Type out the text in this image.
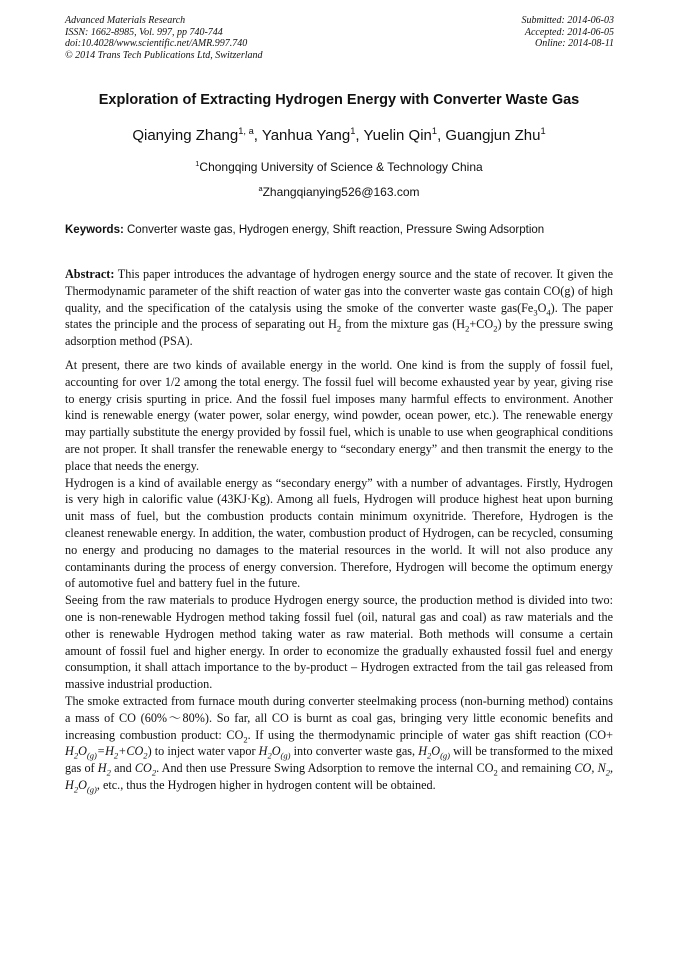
Advanced Materials Research
ISSN: 1662-8985, Vol. 997, pp 740-744
doi:10.4028/www.scientific.net/AMR.997.740
© 2014 Trans Tech Publications Ltd, Switzerland
Submitted: 2014-06-03
Accepted: 2014-06-05
Online: 2014-08-11
Exploration of Extracting Hydrogen Energy with Converter Waste Gas
Qianying Zhang$^{1, a}$, Yanhua Yang$^1$, Yuelin Qin$^1$, Guangjun Zhu$^1$
$^1$Chongqing University of Science & Technology China
$^a$Zhangqianying526@163.com
Keywords: Converter waste gas, Hydrogen energy, Shift reaction, Pressure Swing Adsorption

Abstract: This paper introduces the advantage of hydrogen energy source and the state of recover. It given the Thermodynamic parameter of the shift reaction of water gas into the converter waste gas contain CO(g) of high quality, and the specification of the catalysis using the smoke of the converter waste $gas(Fe_3O_4)$. The paper states the principle and the process of separating out $H_2$ from the mixture gas $(H_2+CO_2)$ by the pressure swing adsorption method (PSA).

At present, there are two kinds of available energy in the world. One kind is from the supply of fossil fuel, accounting for over 1/2 among the total energy. The fossil fuel will become exhausted year by year, giving rise to energy crisis spurting in price. And the fossil fuel imposes many harmful effects to environment. Another kind is renewable energy (water power, solar energy, wind powder, ocean power, etc.). The renewable energy may partially substitute the energy provided by fossil fuel, which is unable to use when geographical conditions are not proper. It shall transfer the renewable energy to “secondary energy” and then transmit the energy to the place that needs the energy.

Hydrogen is a kind of available energy as “secondary energy” with a number of advantages. Firstly, Hydrogen is very high in calorific value (43KJ·Kg). Among all fuels, Hydrogen will produce highest heat upon burning unit mass of fuel, but the combustion products contain minimum oxynitride. Therefore, Hydrogen is the cleanest renewable energy. In addition, the water, combustion product of Hydrogen, can be recycled, consuming no energy and producing no damages to the material resources in the world. It will not also produce any contaminants during the process of energy conversion. Therefore, Hydrogen will become the optimum energy of automotive fuel and battery fuel in the future.

Seeing from the raw materials to produce Hydrogen energy source, the production method is divided into two: one is non-renewable Hydrogen method taking fossil fuel (oil, natural gas and coal) as raw materials and the other is renewable Hydrogen method taking water as raw material. Both methods will consume a certain amount of fossil fuel and higher energy. In order to economize the gradually exhausted fossil fuel and energy consumption, it shall attach importance to the by-product – Hydrogen extracted from the tail gas released from massive industrial production.

The smoke extracted from furnace mouth during converter steelmaking process (non-burning method) contains a mass of CO (60%～80%). So far, all CO is burnt as coal gas, bringing very little economic benefits and increasing combustion product: $CO_2$. If using the thermodynamic principle of water gas shift reaction $(CO+ H_2O_{(g)}=H_2+CO_2)$ to inject water vapor $H_2O_{(g)}$ into converter waste gas, $H_2O_{(g)}$ will be transformed to the mixed gas of $H_2$ and $CO_2$. And then use Pressure Swing Adsorption to remove the internal $CO_2$ and remaining CO, $N_2$, $H_2O_{(g)}$, etc., thus the Hydrogen higher in hydrogen content will be obtained.
